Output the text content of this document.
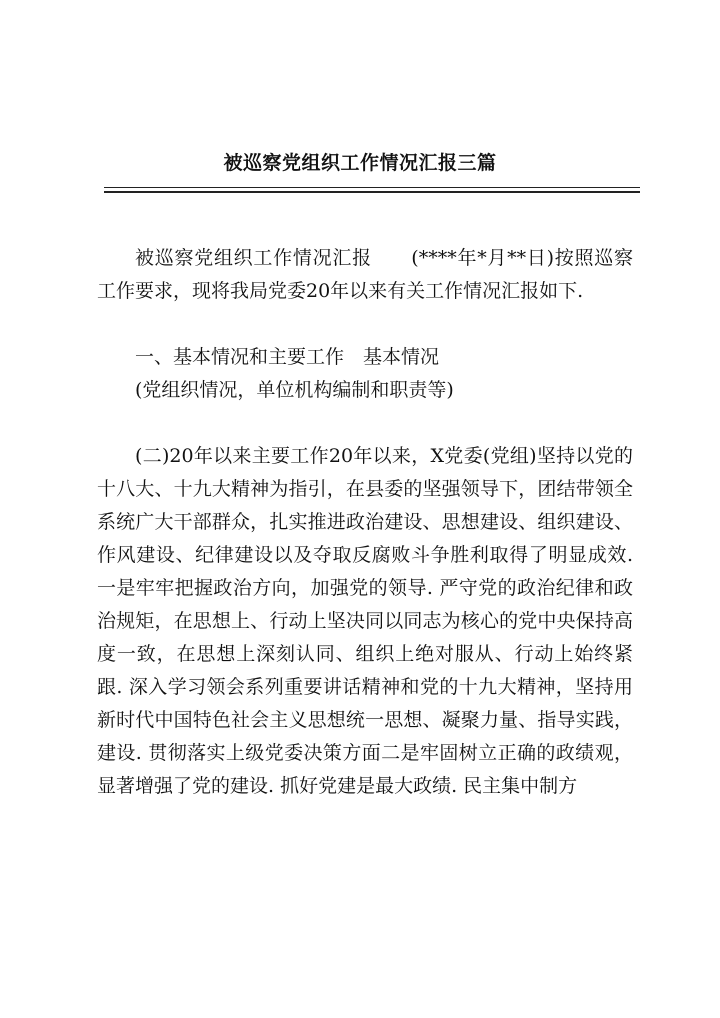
被巡察党组织工作情况汇报三篇

被巡察党组织工作情况汇报　　(****年*月**日)按照巡察工作要求，现将我局党委20年以来有关工作情况汇报如下.

一、基本情况和主要工作　基本情况

(党组织情况，单位机构编制和职责等)

(二)20年以来主要工作20年以来，X党委(党组)坚持以党的十八大、十九大精神为指引，在县委的坚强领导下，团结带领全系统广大干部群众，扎实推进政治建设、思想建设、组织建设、作风建设、纪律建设以及夺取反腐败斗争胜利取得了明显成效. 一是牢牢把握政治方向，加强党的领导. 严守党的政治纪律和政治规矩，在思想上、行动上坚决同以同志为核心的党中央保持高度一致，在思想上深刻认同、组织上绝对服从、行动上始终紧跟. 深入学习领会系列重要讲话精神和党的十九大精神，坚持用新时代中国特色社会主义思想统一思想、凝聚力量、指导实践，建设. 贯彻落实上级党委决策方面二是牢固树立正确的政绩观，显著增强了党的建设. 抓好党建是最大政绩. 民主集中制方
